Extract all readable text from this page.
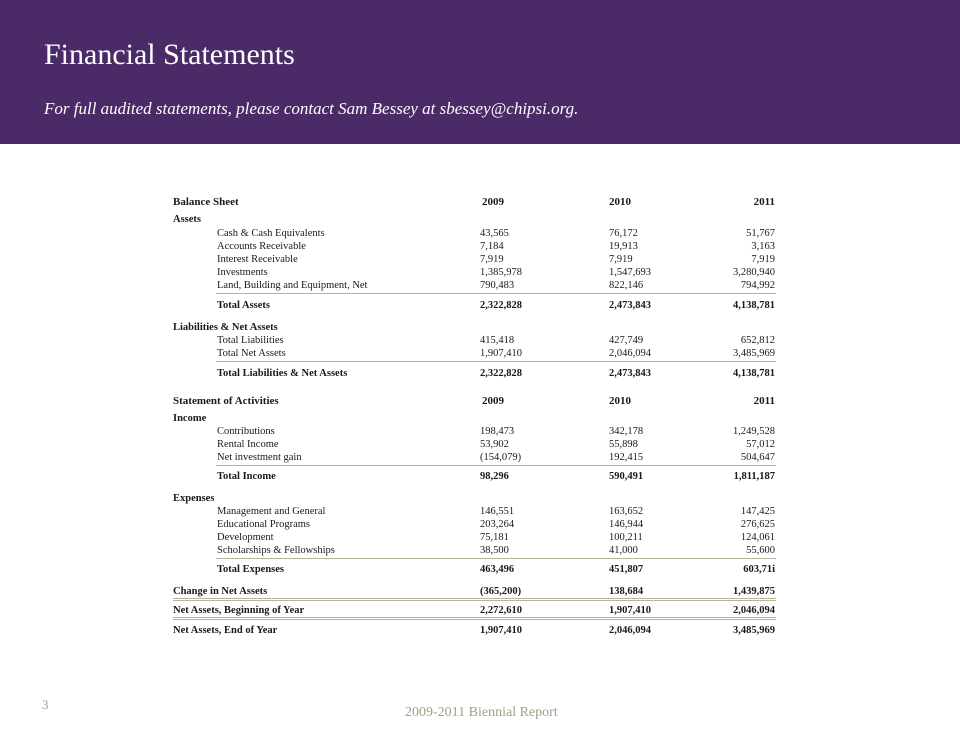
Financial Statements
For full audited statements, please contact Sam Bessey at sbessey@chipsi.org.
Balance Sheet	2009	2010	2011
Assets
Cash & Cash Equivalents	43,565	76,172	51,767
Accounts Receivable	7,184	19,913	3,163
Interest Receivable	7,919	7,919	7,919
Investments	1,385,978	1,547,693	3,280,940
Land, Building and Equipment, Net	790,483	822,146	794,992
Total Assets	2,322,828	2,473,843	4,138,781
Liabilities & Net Assets
Total Liabilities	415,418	427,749	652,812
Total Net Assets	1,907,410	2,046,094	3,485,969
Total Liabilities & Net Assets	2,322,828	2,473,843	4,138,781
Statement of Activities	2009	2010	2011
Income
Contributions	198,473	342,178	1,249,528
Rental Income	53,902	55,898	57,012
Net investment gain	(154,079)	192,415	504,647
Total Income	98,296	590,491	1,811,187
Expenses
Management and General	146,551	163,652	147,425
Educational Programs	203,264	146,944	276,625
Development	75,181	100,211	124,061
Scholarships & Fellowships	38,500	41,000	55,600
Total Expenses	463,496	451,807	603,71i
Change in Net Assets	(365,200)	138,684	1,439,875
Net Assets, Beginning of Year	2,272,610	1,907,410	2,046,094
Net Assets, End of Year	1,907,410	2,046,094	3,485,969
3
2009-2011 Biennial Report
